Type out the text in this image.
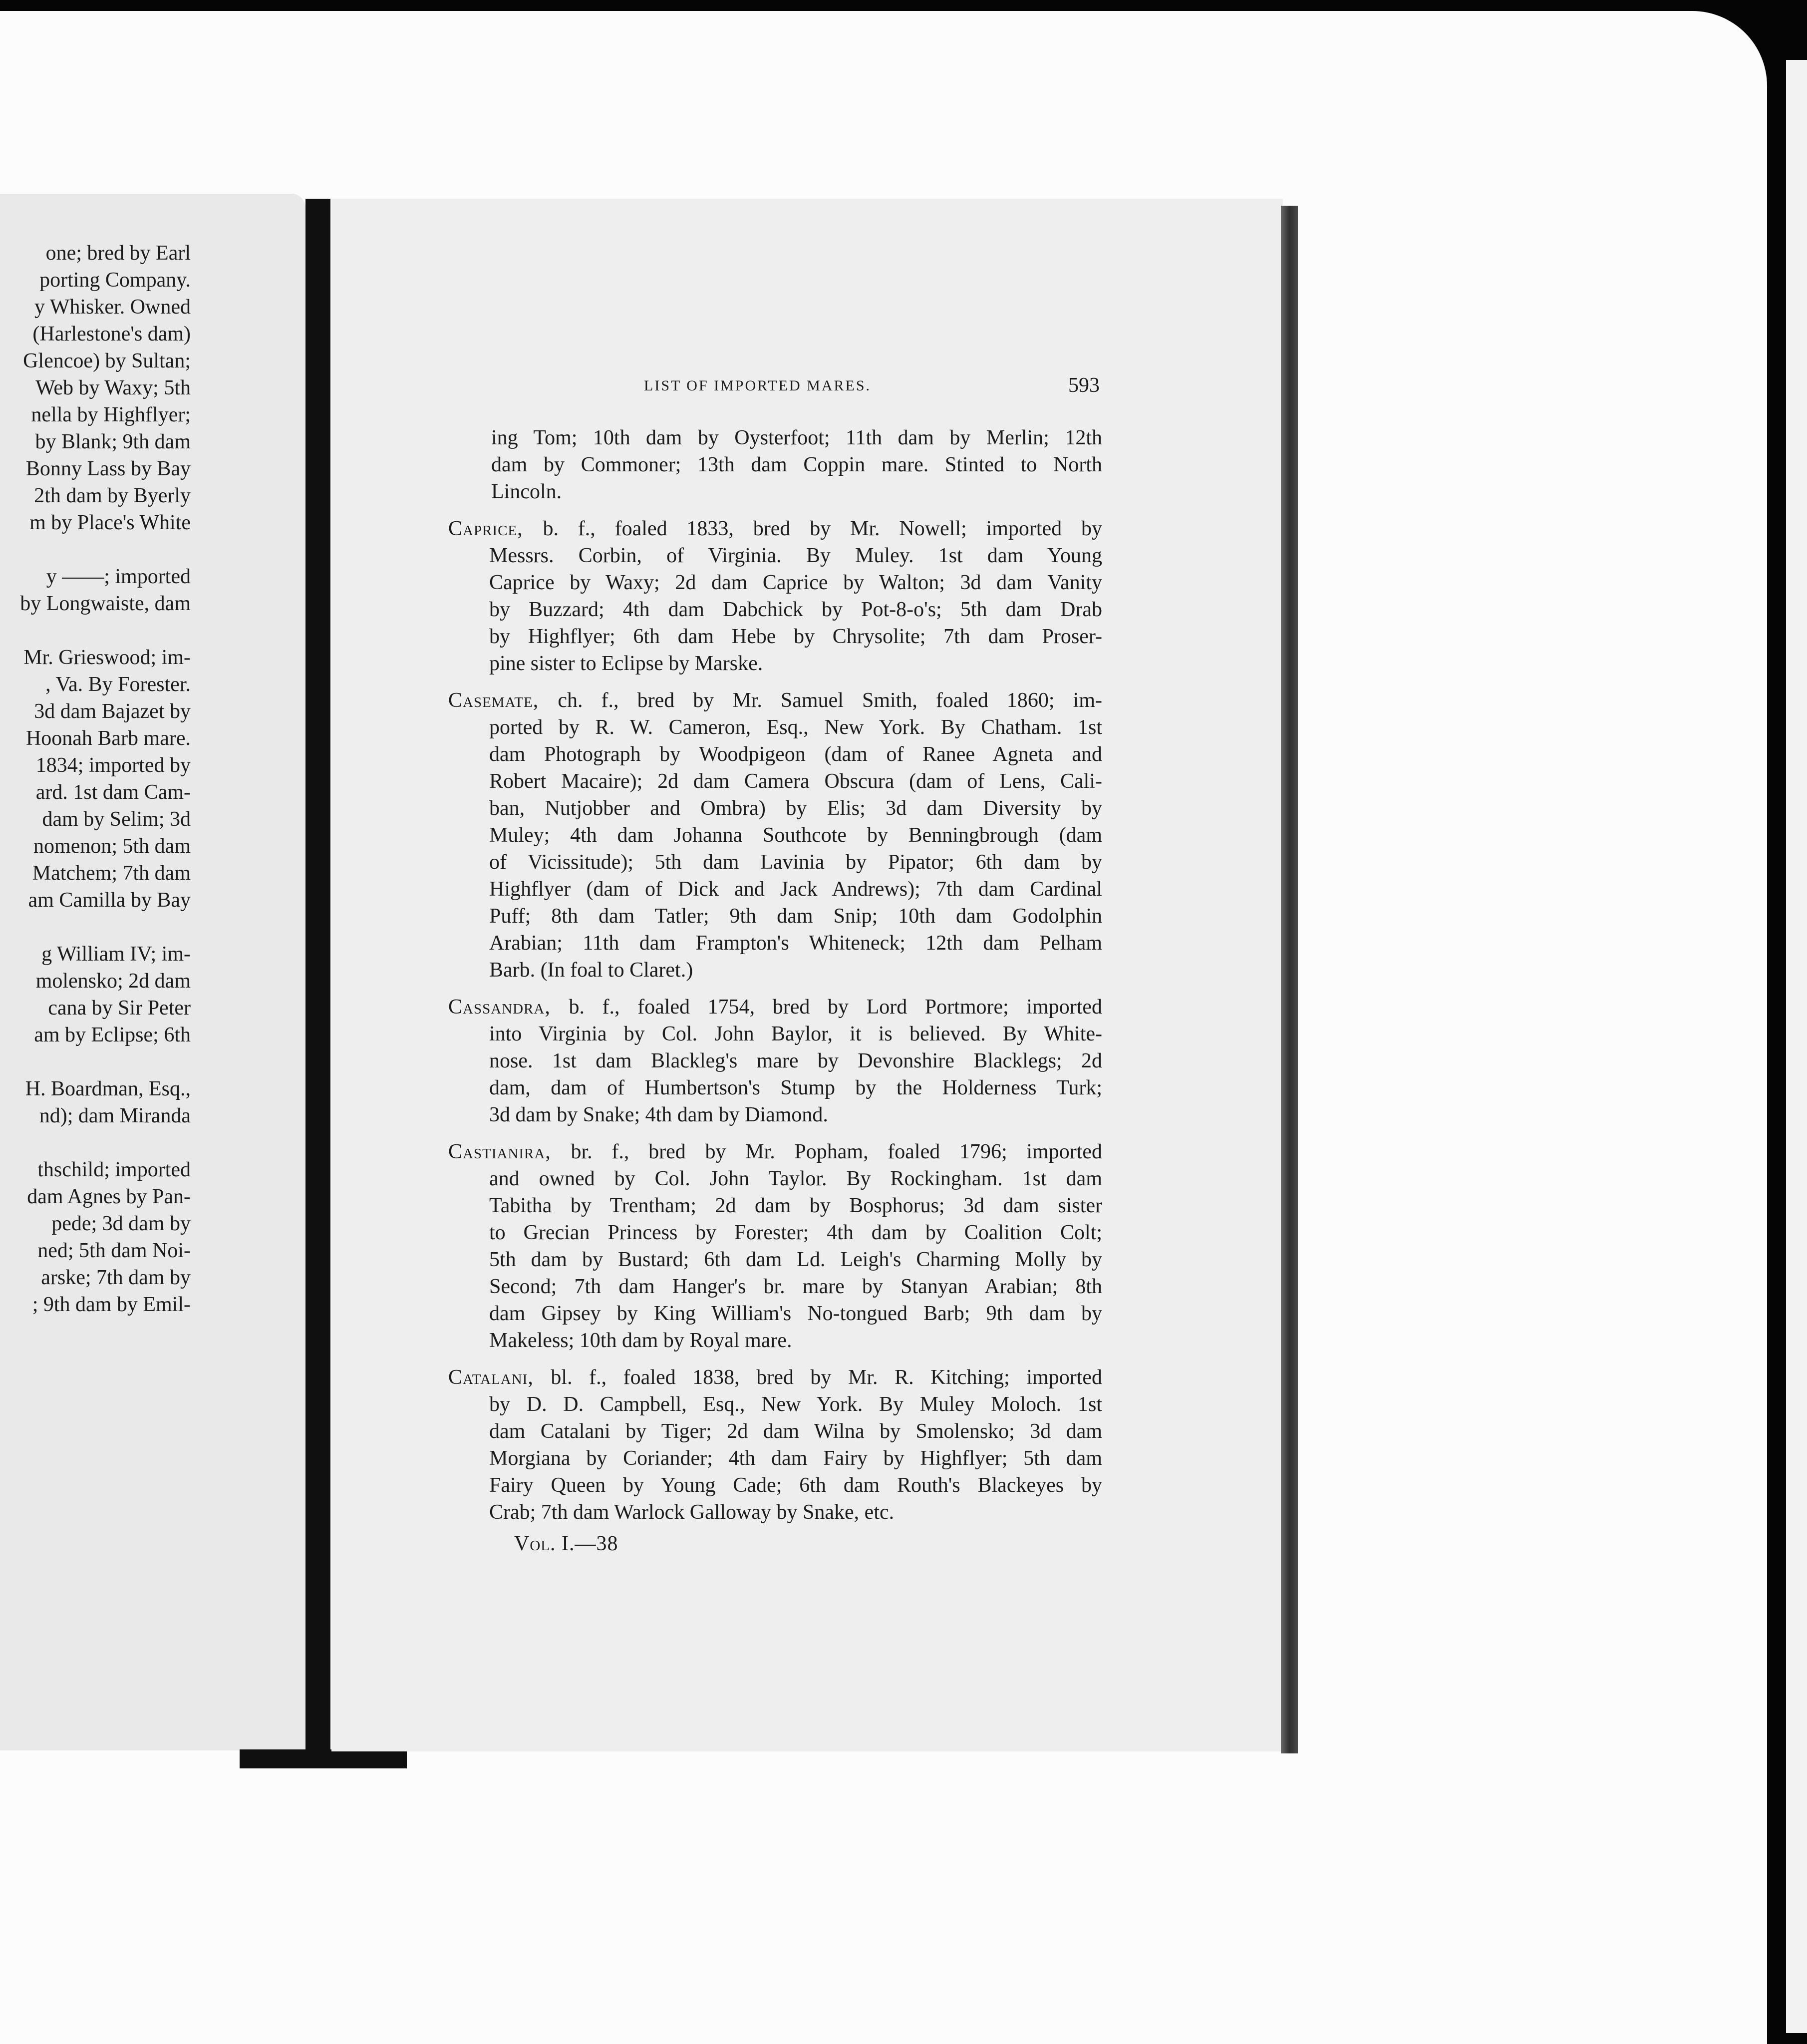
one; bred by Earl
porting Company.
y Whisker. Owned
(Harlestone's dam)
Glencoe) by Sultan;
Web by Waxy; 5th
nella by Highflyer;
by Blank; 9th dam
Bonny Lass by Bay
2th dam by Byerly
m by Place's White
y ——; imported
by Longwaiste, dam
Mr. Grieswood; im-
, Va. By Forester.
3d dam Bajazet by
Hoonah Barb mare.
1834; imported by
ard. 1st dam Cam-
dam by Selim; 3d
nomenon; 5th dam
Matchem; 7th dam
am Camilla by Bay
g William IV; im-
molensko; 2d dam
cana by Sir Peter
am by Eclipse; 6th
H. Boardman, Esq.,
nd); dam Miranda
thschild; imported
dam Agnes by Pan-
pede; 3d dam by
ned; 5th dam Noi-
arske; 7th dam by
; 9th dam by Emil-
LIST OF IMPORTED MARES.	593
Vol. I.—38
ing Tom; 10th dam by Oysterfoot; 11th dam by Merlin; 12th
dam by Commoner; 13th dam Coppin mare. Stinted to North
Lincoln.
Caprice, b. f., foaled 1833, bred by Mr. Nowell; imported by
Messrs. Corbin, of Virginia. By Muley. 1st dam Young
Caprice by Waxy; 2d dam Caprice by Walton; 3d dam Vanity
by Buzzard; 4th dam Dabchick by Pot-8-o's; 5th dam Drab
by Highflyer; 6th dam Hebe by Chrysolite; 7th dam Proser-
pine sister to Eclipse by Marske.
Casemate, ch. f., bred by Mr. Samuel Smith, foaled 1860; im-
ported by R. W. Cameron, Esq., New York. By Chatham. 1st
dam Photograph by Woodpigeon (dam of Ranee Agneta and
Robert Macaire); 2d dam Camera Obscura (dam of Lens, Cali-
ban, Nutjobber and Ombra) by Elis; 3d dam Diversity by
Muley; 4th dam Johanna Southcote by Benningbrough (dam
of Vicissitude); 5th dam Lavinia by Pipator; 6th dam by
Highflyer (dam of Dick and Jack Andrews); 7th dam Cardinal
Puff; 8th dam Tatler; 9th dam Snip; 10th dam Godolphin
Arabian; 11th dam Frampton's Whiteneck; 12th dam Pelham
Barb. (In foal to Claret.)
Cassandra, b. f., foaled 1754, bred by Lord Portmore; imported
into Virginia by Col. John Baylor, it is believed. By White-
nose. 1st dam Blackleg's mare by Devonshire Blacklegs; 2d
dam, dam of Humbertson's Stump by the Holderness Turk;
3d dam by Snake; 4th dam by Diamond.
Castianira, br. f., bred by Mr. Popham, foaled 1796; imported
and owned by Col. John Taylor. By Rockingham. 1st dam
Tabitha by Trentham; 2d dam by Bosphorus; 3d dam sister
to Grecian Princess by Forester; 4th dam by Coalition Colt;
5th dam by Bustard; 6th dam Ld. Leigh's Charming Molly by
Second; 7th dam Hanger's br. mare by Stanyan Arabian; 8th
dam Gipsey by King William's No-tongued Barb; 9th dam by
Makeless; 10th dam by Royal mare.
Catalani, bl. f., foaled 1838, bred by Mr. R. Kitching; imported
by D. D. Campbell, Esq., New York. By Muley Moloch. 1st
dam Catalani by Tiger; 2d dam Wilna by Smolensko; 3d dam
Morgiana by Coriander; 4th dam Fairy by Highflyer; 5th dam
Fairy Queen by Young Cade; 6th dam Routh's Blackeyes by
Crab; 7th dam Warlock Galloway by Snake, etc.
